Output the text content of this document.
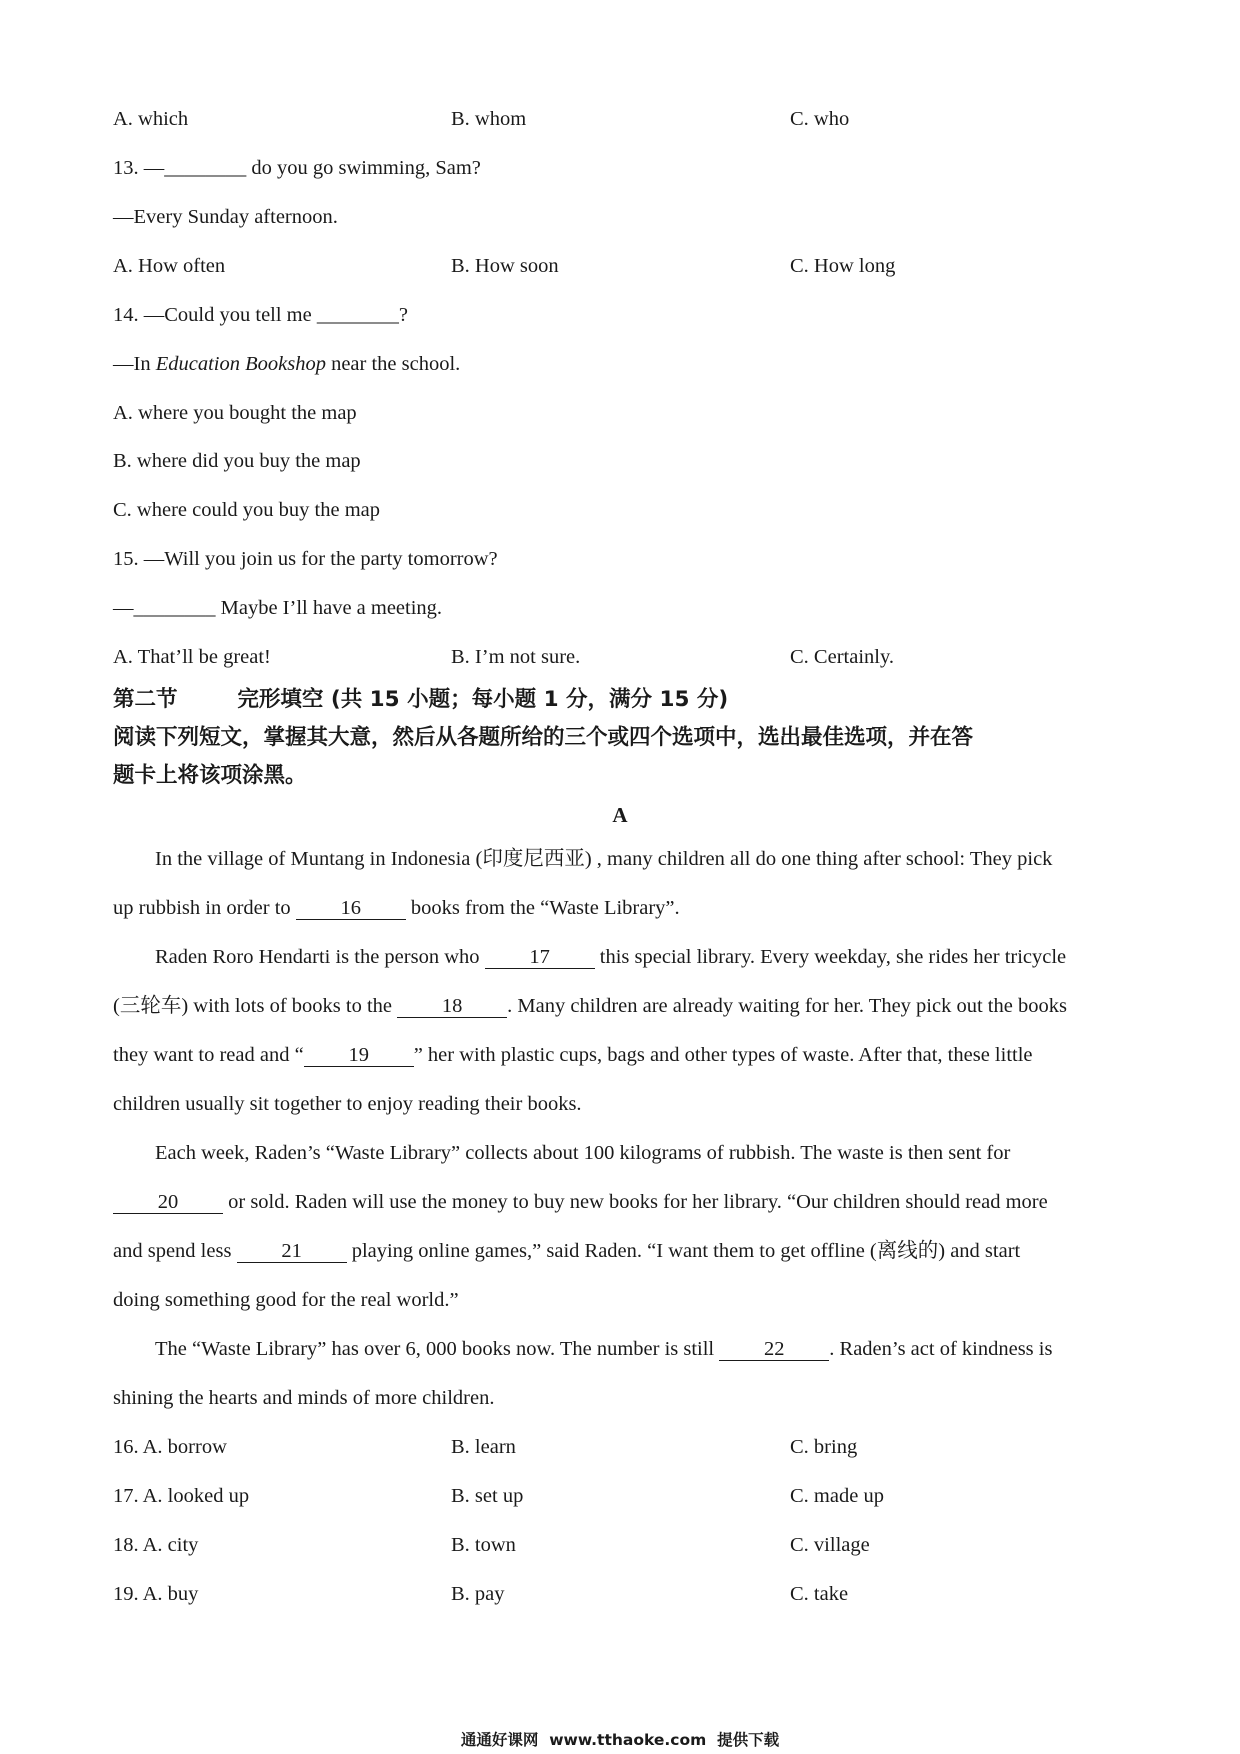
A. which	B. whom	C. who
13. —________ do you go swimming, Sam?
—Every Sunday afternoon.
A. How often	B. How soon	C. How long
14. —Could you tell me ________?
—In Education Bookshop near the school.
A. where you bought the map
B. where did you buy the map
C. where could you buy the map
15. —Will you join us for the party tomorrow?
—________ Maybe I’ll have a meeting.
A. That’ll be great!	B. I’m not sure.	C. Certainly.
第二节        完形填空 (共 15 小题；每小题 1 分，满分 15 分)
阅读下列短文，掌握其大意，然后从各题所给的三个或四个选项中，选出最佳选项，并在答
题卡上将该项涂黑。
A
In the village of Muntang in Indonesia (印度尼西亚) , many children all do one thing after school: They pick
up rubbish in order to 16 books from the “Waste Library”.
Raden Roro Hendarti is the person who 17 this special library. Every weekday, she rides her tricycle
(三轮车) with lots of books to the 18 . Many children are already waiting for her. They pick out the books
they want to read and “ 19 ” her with plastic cups, bags and other types of waste. After that, these little
children usually sit together to enjoy reading their books.
Each week, Raden’s “Waste Library” collects about 100 kilograms of rubbish. The waste is then sent for
20 or sold. Raden will use the money to buy new books for her library. “Our children should read more
and spend less 21 playing online games,” said Raden. “I want them to get offline (离线的) and start
doing something good for the real world.”
The “Waste Library” has over 6, 000 books now. The number is still 22 . Raden’s act of kindness is
shining the hearts and minds of more children.
16. A. borrow	B. learn	C. bring
17. A. looked up	B. set up	C. made up
18. A. city	B. town	C. village
19. A. buy	B. pay	C. take
通通好课网  www.tthaoke.com  提供下载
